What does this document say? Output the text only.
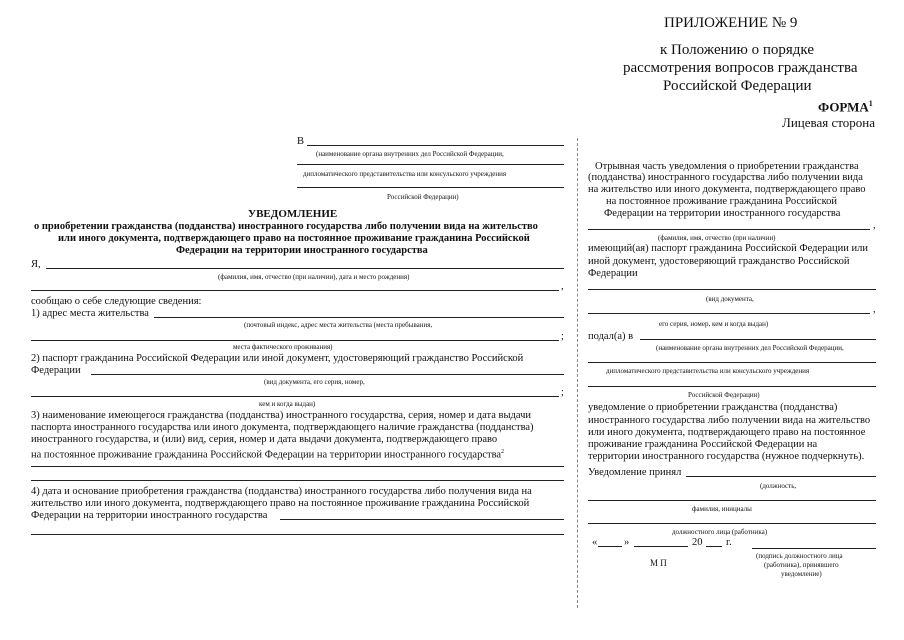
ПРИЛОЖЕНИЕ № 9
к Положению о порядке
рассмотрения вопросов гражданства
Российской Федерации
ФОРМА$^1$
Лицевая сторона
В
(наименование органа внутренних дел Российской Федерации,
дипломатического представительства или консульского учреждения
Российской Федерации)
УВЕДОМЛЕНИЕ
о приобретении гражданства (подданства) иностранного государства либо получении вида на жительство
или иного документа, подтверждающего право на постоянное проживание гражданина Российской
Федерации на территории иностранного государства
Я,
(фамилия, имя, отчество (при наличии), дата и место рождения)
,
сообщаю о себе следующие сведения:
1) адрес места жительства
(почтовый индекс, адрес места жительства (места пребывания,
;
места фактического проживания)
2) паспорт гражданина Российской Федерации или иной документ, удостоверяющий гражданство Российской
Федерации
(вид документа, его серия, номер,
;
кем и когда выдан)
3) наименование имеющегося гражданства (подданства) иностранного государства, серия, номер и дата выдачи
паспорта иностранного государства или иного документа, подтверждающего наличие гражданства (подданства)
иностранного государства, и (или) вид, серия, номер и дата выдачи документа, подтверждающего право
на постоянное проживание гражданина Российской Федерации на территории иностранного государства$^2$
4) дата и основание приобретения гражданства (подданства) иностранного государства либо получения вида на
жительство или иного документа, подтверждающего право на постоянное проживание гражданина Российской
Федерации на территории иностранного государства
Отрывная часть уведомления о приобретении гражданства
(подданства) иностранного государства либо получении вида
на жительство или иного документа, подтверждающего право
на постоянное проживание гражданина Российской
Федерации на территории иностранного государства
,
(фамилия, имя, отчество (при наличии)
имеющий(ая) паспорт гражданина Российской Федерации или
иной документ, удостоверяющий гражданство Российской
Федерации
(вид документа,
,
его серия, номер, кем и когда выдан)
подал(а) в
(наименование органа внутренних дел Российской Федерации,
дипломатического представительства или консульского учреждения
Российской Федерации)
уведомление о приобретении гражданства (подданства)
иностранного государства либо получении вида на жительство
или иного документа, подтверждающего право на постоянное
проживание гражданина Российской Федерации на
территории иностранного государства (нужное подчеркнуть).
Уведомление принял
(должность,
фамилия, инициалы
должностного лица (работника)
«	»	20 г.
(подпись должностного лица
(работника), принявшего
уведомление)
М П
